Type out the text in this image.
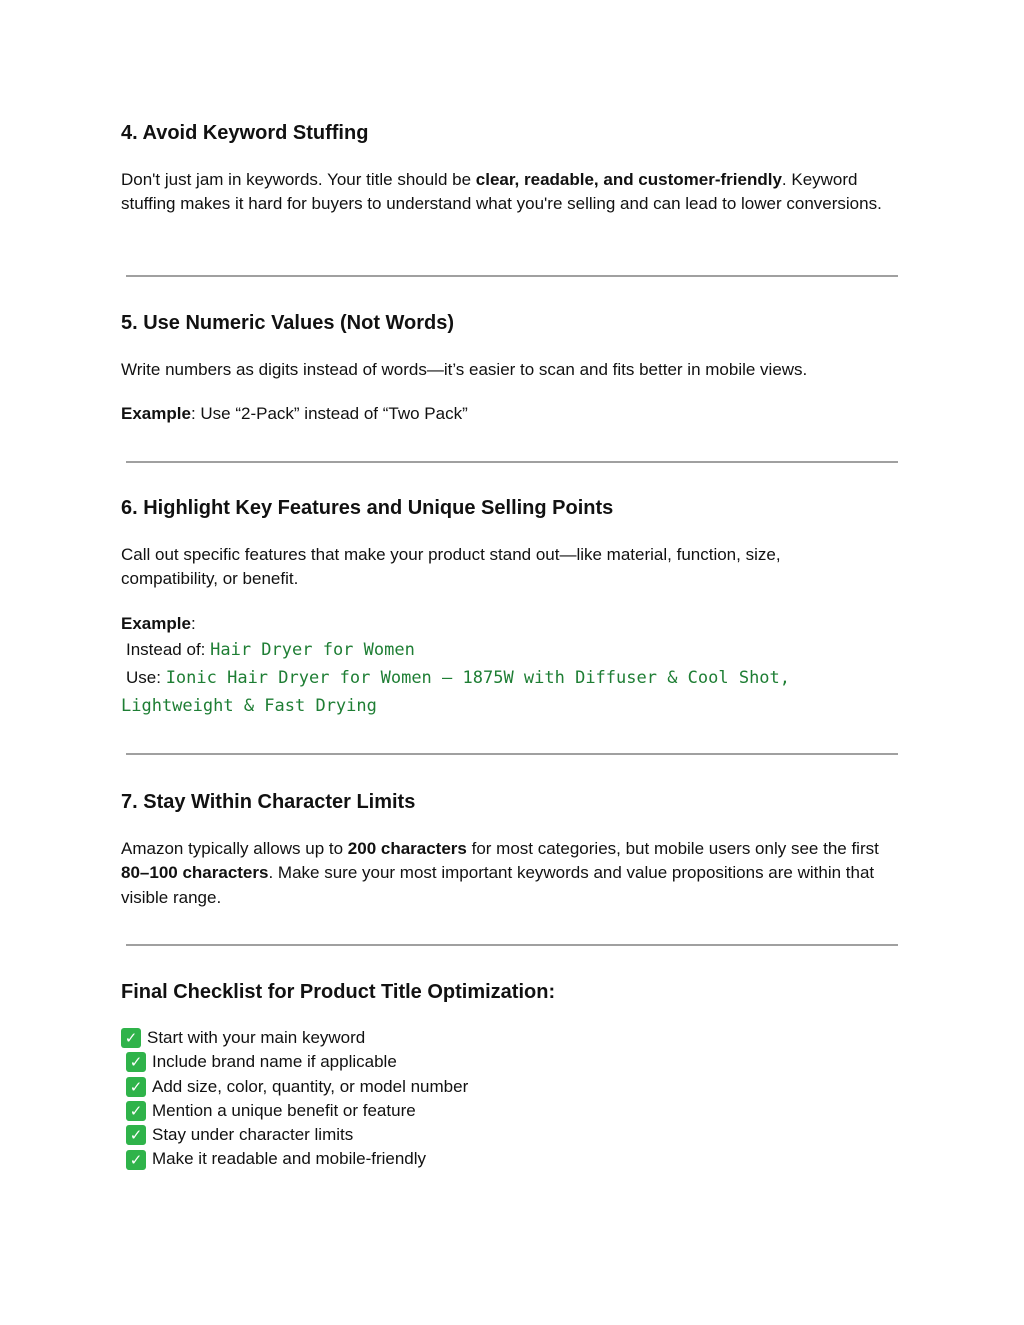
4. Avoid Keyword Stuffing

Don't just jam in keywords. Your title should be clear, readable, and customer-friendly. Keyword stuffing makes it hard for buyers to understand what you're selling and can lead to lower conversions.

5. Use Numeric Values (Not Words)

Write numbers as digits instead of words—it’s easier to scan and fits better in mobile views.

Example: Use “2-Pack” instead of “Two Pack”

6. Highlight Key Features and Unique Selling Points

Call out specific features that make your product stand out—like material, function, size, compatibility, or benefit.

Example:
Instead of: Hair Dryer for Women
Use: Ionic Hair Dryer for Women — 1875W with Diffuser & Cool Shot,
Lightweight & Fast Drying
7. Stay Within Character Limits

Amazon typically allows up to 200 characters for most categories, but mobile users only see the first 80–100 characters. Make sure your most important keywords and value propositions are within that visible range.

Final Checklist for Product Title Optimization:
✓ Start with your main keyword
✓ Include brand name if applicable
✓ Add size, color, quantity, or model number
✓ Mention a unique benefit or feature
✓ Stay under character limits
✓ Make it readable and mobile-friendly
